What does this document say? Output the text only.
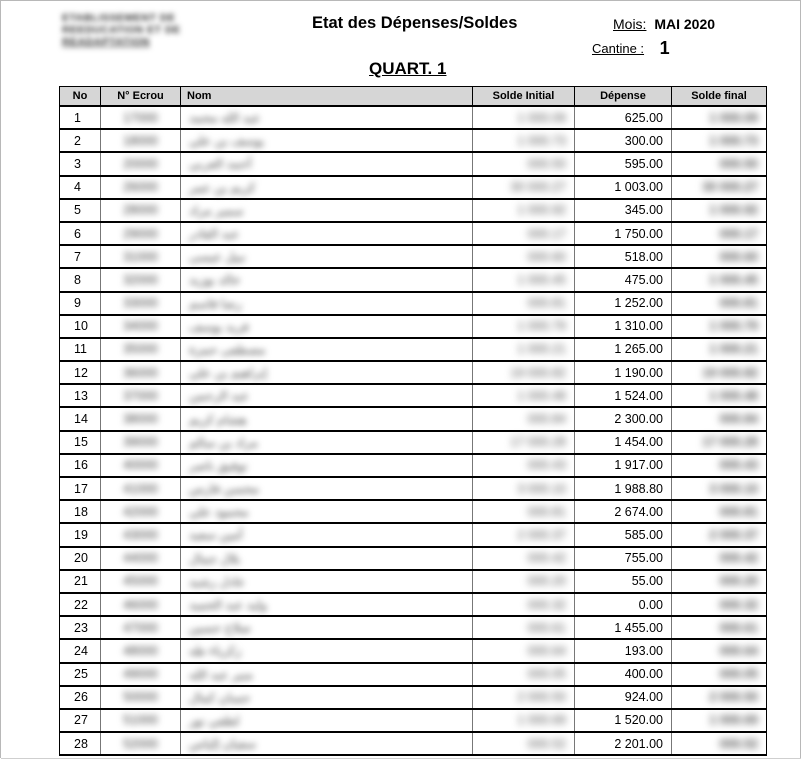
ETABLISSEMENT DE
REEDUCATION ET DE
READAPTATION
Etat des Dépenses/Soldes	Mois: MAI 2020
Cantine : 1
QUART. 1
No	N° Ecrou	Nom	Solde Initial	Dépense	Solde final
1	17000	عبد الله محمد	1 000.09	625.00	1 000.09
2	18000	يوسف بن علي	1 000.73	300.00	1 000.73
3	20000	أحمد العربي	000.50	595.00	000.50
4	26000	كريم بن عمر	30 000.27	1 003.00	30 000.27
5	28000	سمير مراد	1 000.92	345.00	1 000.92
6	29000	عبد القادر	000.17	1 750.00	000.17
7	31000	نبيل عيسى	000.60	518.00	000.60
8	32000	خالد بوزيد	1 000.45	475.00	1 000.45
9	33000	رضا قاسم	000.81	1 252.00	000.81
10	34000	فريد يوسف	1 000.79	1 310.00	1 000.79
11	35000	مصطفى حمزة	1 000.21	1 265.00	1 000.21
12	36000	إبراهيم بن علي	19 000.82	1 190.00	19 000.82
13	37000	عبد الرحمن	1 000.48	1 524.00	1 000.48
14	38000	هشام كريم	000.84	2 300.00	000.84
15	39000	مراد بن سالم	17 000.28	1 454.00	17 000.28
16	40000	توفيق ناصر	000.43	1 917.00	000.43
17	41000	محسن فارس	3 000.10	1 988.80	3 000.10
18	42000	محمود علي	000.81	2 674.00	000.81
19	43000	أمين سعيد	2 000.37	585.00	2 000.37
20	44000	بلال جمال	000.42	755.00	000.42
21	45000	عادل رشيد	000.20	55.00	000.20
22	46000	وليد عبد الحميد	000.32	0.00	000.32
23	47000	صلاح حسين	000.61	1 455.00	000.61
24	48000	زكرياء طه	000.64	193.00	000.64
25	49000	منير عبد الله	000.05	400.00	000.05
26	50000	حسان كمال	2 000.50	924.00	2 000.50
27	51000	لطفي نور	1 000.69	1 520.00	1 000.69
28	52000	سفيان إلياس	000.52	2 201.00	000.52
